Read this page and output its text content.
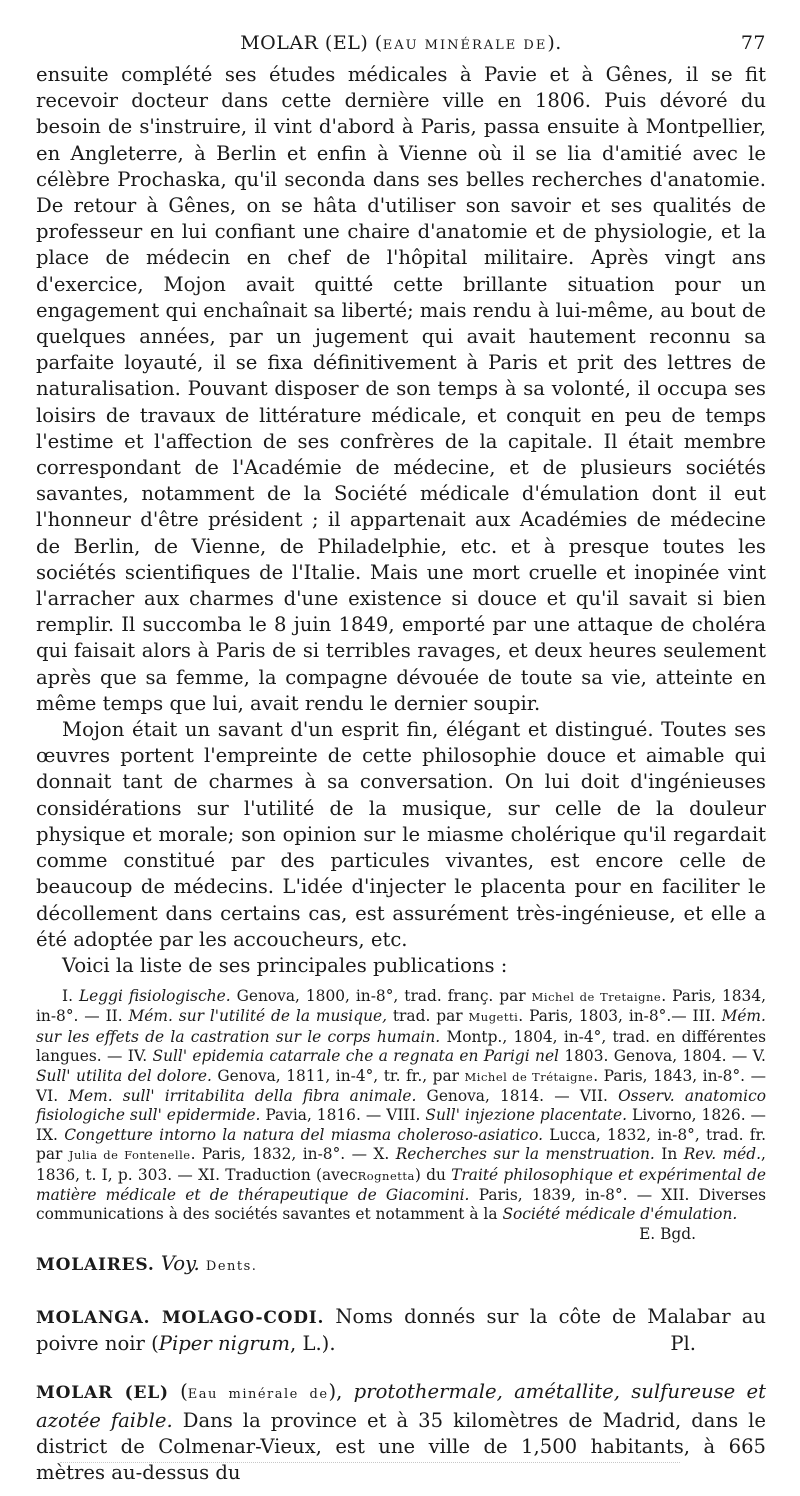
MOLAR (EL) (EAU MINÉRALE DE).	77

ensuite complété ses études médicales à Pavie et à Gênes, il se fit recevoir docteur dans cette dernière ville en 1806. Puis dévoré du besoin de s'instruire, il vint d'abord à Paris, passa ensuite à Montpellier, en Angleterre, à Berlin et enfin à Vienne où il se lia d'amitié avec le célèbre Prochaska, qu'il seconda dans ses belles recherches d'anatomie. De retour à Gênes, on se hâta d'utiliser son savoir et ses qualités de professeur en lui confiant une chaire d'anatomie et de physiologie, et la place de médecin en chef de l'hôpital militaire. Après vingt ans d'exercice, Mojon avait quitté cette brillante situation pour un engagement qui enchaînait sa liberté; mais rendu à lui-même, au bout de quelques années, par un jugement qui avait hautement reconnu sa parfaite loyauté, il se fixa définitivement à Paris et prit des lettres de naturalisation. Pouvant disposer de son temps à sa volonté, il occupa ses loisirs de travaux de littérature médicale, et conquit en peu de temps l'estime et l'affection de ses confrères de la capitale. Il était membre correspondant de l'Académie de médecine, et de plusieurs sociétés savantes, notamment de la Société médicale d'émulation dont il eut l'honneur d'être président ; il appartenait aux Académies de médecine de Berlin, de Vienne, de Philadelphie, etc. et à presque toutes les sociétés scientifiques de l'Italie. Mais une mort cruelle et inopinée vint l'arracher aux charmes d'une existence si douce et qu'il savait si bien remplir. Il succomba le 8 juin 1849, emporté par une attaque de choléra qui faisait alors à Paris de si terribles ravages, et deux heures seulement après que sa femme, la compagne dévouée de toute sa vie, atteinte en même temps que lui, avait rendu le dernier soupir.

Mojon était un savant d'un esprit fin, élégant et distingué. Toutes ses œuvres portent l'empreinte de cette philosophie douce et aimable qui donnait tant de charmes à sa conversation. On lui doit d'ingénieuses considérations sur l'utilité de la musique, sur celle de la douleur physique et morale; son opinion sur le miasme cholérique qu'il regardait comme constitué par des particules vivantes, est encore celle de beaucoup de médecins. L'idée d'injecter le placenta pour en faciliter le décollement dans certains cas, est assurément très-ingénieuse, et elle a été adoptée par les accoucheurs, etc.

Voici la liste de ses principales publications :

I. Leggi fisiologische. Genova, 1800, in-8°, trad. franç. par Michel de Tretaigne. Paris, 1834, in-8°. — II. Mém. sur l'utilité de la musique, trad. par Mugetti. Paris, 1803, in-8°.— III. Mém. sur les effets de la castration sur le corps humain. Montp., 1804, in-4°, trad. en différentes langues. — IV. Sull' epidemia catarrale che a regnata en Parigi nel 1803. Genova, 1804. — V. Sull' utilita del dolore. Genova, 1811, in-4°, tr. fr., par Michel de Trétaigne. Paris, 1843, in-8°. — VI. Mem. sull' irritabilita della fibra animale. Genova, 1814. — VII. Osserv. anatomico fisiologiche sull' epidermide. Pavia, 1816. — VIII. Sull' injezione placentate. Livorno, 1826. — IX. Congetture intorno la natura del miasma choleroso-asiatico. Lucca, 1832, in-8°, trad. fr. par Julia de Fontenelle. Paris, 1832, in-8°. — X. Recherches sur la menstruation. In Rev. méd., 1836, t. I, p. 303. — XI. Traduction (avecRognetta) du Traité philosophique et expérimental de matière médicale et de thérapeutique de Giacomini. Paris, 1839, in-8°. — XII. Diverses communications à des sociétés savantes et notamment à la Société médicale d'émulation.
E. Bgd.

MOLAIRES. Voy. Dents.

MOLANGA. MOLAGO-CODI. Noms donnés sur la côte de Malabar au poivre noir (Piper nigrum, L.).	Pl.

MOLAR (EL) (Eau minérale de), protothermale, amétallite, sulfureuse et azotée faible. Dans la province et à 35 kilomètres de Madrid, dans le district de Colmenar-Vieux, est une ville de 1,500 habitants, à 665 mètres au-dessus du
